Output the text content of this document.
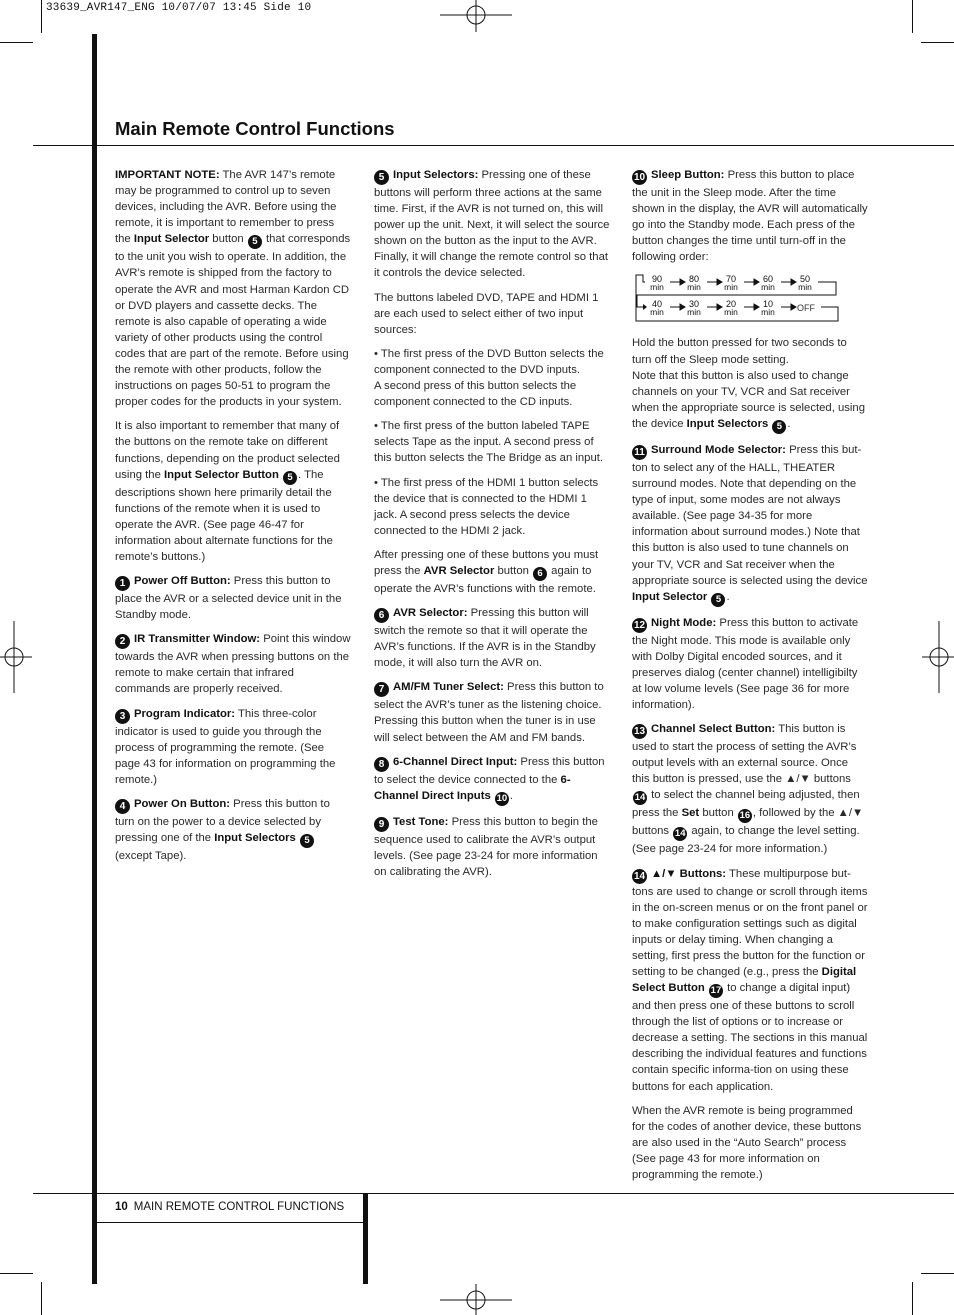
33639_AVR147_ENG 10/07/07 13:45 Side 10
Main Remote Control Functions

IMPORTANT NOTE: The AVR 147’s remote may be programmed to control up to seven devices, including the AVR. Before using the remote, it is important to remember to press the Input Selector button 5 that corresponds to the unit you wish to operate. In addition, the AVR’s remote is shipped from the factory to operate the AVR and most Harman Kardon CD or DVD players and cassette decks. The remote is also capable of operating a wide variety of other products using the control codes that are part of the remote. Before using the remote with other products, follow the instructions on pages 50-51 to program the proper codes for the products in your system.

It is also important to remember that many of the buttons on the remote take on different functions, depending on the product selected using the Input Selector Button 5 . The descriptions shown here primarily detail the functions of the remote when it is used to operate the AVR. (See page 46-47 for information about alternate functions for the remote’s buttons.)

1 Power Off Button: Press this button to place the AVR or a selected device unit in the Standby mode.

2 IR Transmitter Window: Point this window towards the AVR when pressing buttons on the remote to make certain that infrared commands are properly received.

3 Program Indicator: This three-color indicator is used to guide you through the process of programming the remote. (See page 43 for information on programming the remote.)

4 Power On Button: Press this button to turn on the power to a device selected by pressing one of the Input Selectors 5 (except Tape).

5 Input Selectors: Pressing one of these buttons will perform three actions at the same time. First, if the AVR is not turned on, this will power up the unit. Next, it will select the source shown on the button as the input to the AVR. Finally, it will change the remote control so that it controls the device selected.

The buttons labeled DVD, TAPE and HDMI 1 are each used to select either of two input sources:

• The first press of the DVD Button selects the component connected to the DVD inputs.
A second press of this button selects the component connected to the CD inputs.

• The first press of the button labeled TAPE selects Tape as the input. A second press of this button selects the The Bridge as an input.

• The first press of the HDMI 1 button selects the device that is connected to the HDMI 1 jack. A second press selects the device connected to the HDMI 2 jack.

After pressing one of these buttons you must press the AVR Selector button 6 again to operate the AVR’s functions with the remote.

6 AVR Selector: Pressing this button will switch the remote so that it will operate the AVR’s functions. If the AVR is in the Standby mode, it will also turn the AVR on.

7 AM/FM Tuner Select: Press this button to select the AVR’s tuner as the listening choice. Pressing this button when the tuner is in use will select between the AM and FM bands.

8 6-Channel Direct Input: Press this button to select the device connected to the 6-Channel Direct Inputs 10 .

9 Test Tone: Press this button to begin the sequence used to calibrate the AVR’s output levels. (See page 23-24 for more information on calibrating the AVR).

10 Sleep Button: Press this button to place the unit in the Sleep mode. After the time shown in the display, the AVR will automatically go into the Standby mode. Each press of the button changes the time until turn-off in the following order:

90
min
80
min
70
min
60
min
50
min
40
min
30
min
20
min
10
min OFF

Hold the button pressed for two seconds to turn off the Sleep mode setting.
Note that this button is also used to change channels on your TV, VCR and Sat receiver when the appropriate source is selected, using the device Input Selectors 5 .

11 Surround Mode Selector: Press this but-ton to select any of the HALL, THEATER surround modes. Note that depending on the type of input, some modes are not always available. (See page 34-35 for more information about surround modes.) Note that this button is also used to tune channels on your TV, VCR and Sat receiver when the appropriate source is selected using the device Input Selector 5 .

12 Night Mode: Press this button to activate the Night mode. This mode is available only with Dolby Digital encoded sources, and it preserves dialog (center channel) intelligibilty at low volume levels (See page 36 for more information).

13 Channel Select Button: This button is used to start the process of setting the AVR’s output levels with an external source. Once this button is pressed, use the ▲/▼ buttons 14 to select the channel being adjusted, then press the Set button 16 , followed by the ▲/▼ buttons 14 again, to change the level setting. (See page 23-24 for more information.)

14 ▲/▼ Buttons: These multipurpose but-tons are used to change or scroll through items in the on-screen menus or on the front panel or to make configuration settings such as digital inputs or delay timing. When changing a setting, first press the button for the function or setting to be changed (e.g., press the Digital Select Button 17 to change a digital input) and then press one of these buttons to scroll through the list of options or to increase or decrease a setting. The sections in this manual describing the individual features and functions contain specific informa-tion on using these buttons for each application.

When the AVR remote is being programmed for the codes of another device, these buttons are also used in the “Auto Search” process (See page 43 for more information on programming the remote.)

10 MAIN REMOTE CONTROL FUNCTIONS
